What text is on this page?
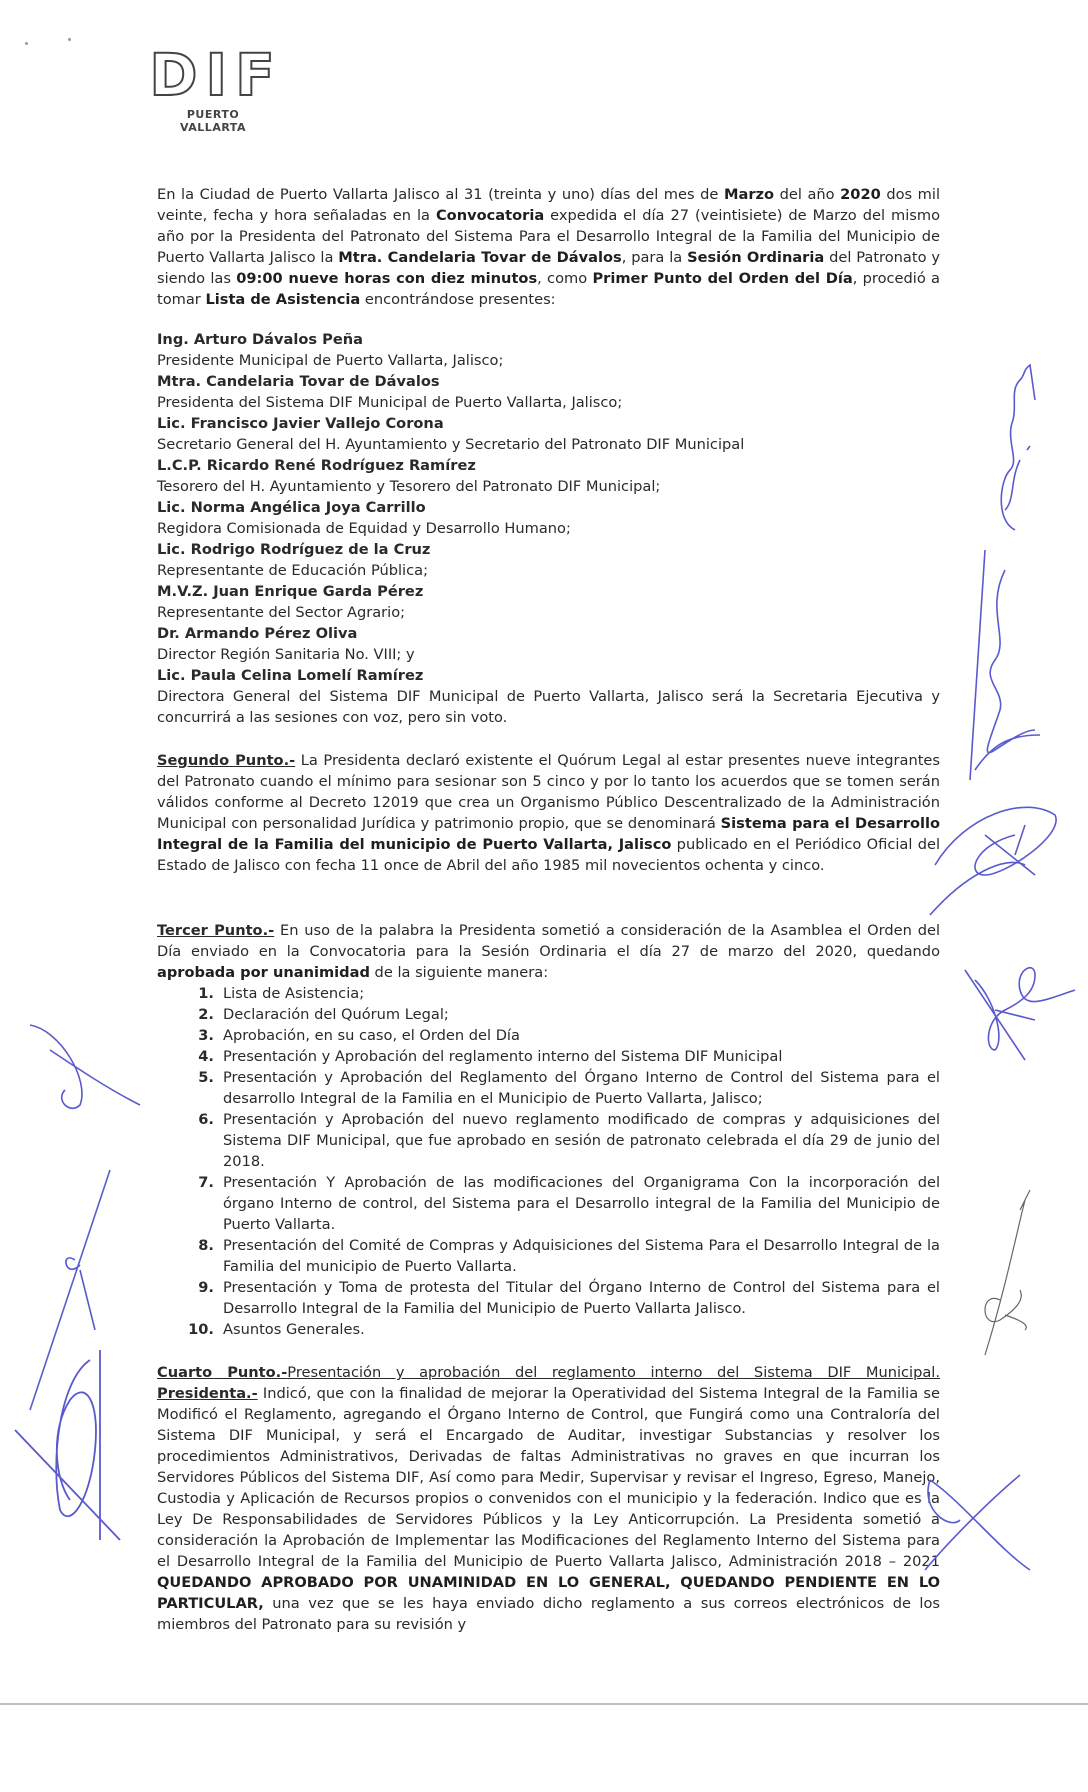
D I F
PUERTO VALLARTA

En la Ciudad de Puerto Vallarta Jalisco al 31 (treinta y uno) días del mes de Marzo del año 2020 dos mil veinte, fecha y hora señaladas en la Convocatoria expedida el día 27 (veintisiete) de Marzo del mismo año por la Presidenta del Patronato del Sistema Para el Desarrollo Integral de la Familia del Municipio de Puerto Vallarta Jalisco la Mtra. Candelaria Tovar de Dávalos, para la Sesión Ordinaria del Patronato y siendo las 09:00 nueve horas con diez minutos, como Primer Punto del Orden del Día, procedió a tomar Lista de Asistencia encontrándose presentes:

Ing. Arturo Dávalos Peña

Presidente Municipal de Puerto Vallarta, Jalisco;

Mtra. Candelaria Tovar de Dávalos

Presidenta del Sistema DIF Municipal de Puerto Vallarta, Jalisco;

Lic. Francisco Javier Vallejo Corona

Secretario General del H. Ayuntamiento y Secretario del Patronato DIF Municipal

L.C.P. Ricardo René Rodríguez Ramírez

Tesorero del H. Ayuntamiento y Tesorero del Patronato DIF Municipal;

Lic. Norma Angélica Joya Carrillo

Regidora Comisionada de Equidad y Desarrollo Humano;

Lic. Rodrigo Rodríguez de la Cruz

Representante de Educación Pública;

M.V.Z. Juan Enrique Garda Pérez

Representante del Sector Agrario;

Dr. Armando Pérez Oliva

Director Región Sanitaria No. VIII; y

Lic. Paula Celina Lomelí Ramírez

Directora General del Sistema DIF Municipal de Puerto Vallarta, Jalisco será la Secretaria Ejecutiva y concurrirá a las sesiones con voz, pero sin voto.

Segundo Punto.- La Presidenta declaró existente el Quórum Legal al estar presentes nueve integrantes del Patronato cuando el mínimo para sesionar son 5 cinco y por lo tanto los acuerdos que se tomen serán válidos conforme al Decreto 12019 que crea un Organismo Público Descentralizado de la Administración Municipal con personalidad Jurídica y patrimonio propio, que se denominará Sistema para el Desarrollo Integral de la Familia del municipio de Puerto Vallarta, Jalisco publicado en el Periódico Oficial del Estado de Jalisco con fecha 11 once de Abril del año 1985 mil novecientos ochenta y cinco.

Tercer Punto.- En uso de la palabra la Presidenta sometió a consideración de la Asamblea el Orden del Día enviado en la Convocatoria para la Sesión Ordinaria el día 27 de marzo del 2020, quedando aprobada por unanimidad de la siguiente manera:

1. Lista de Asistencia;
2. Declaración del Quórum Legal;
3. Aprobación, en su caso, el Orden del Día
4. Presentación y Aprobación del reglamento interno del Sistema DIF Municipal
5. Presentación y Aprobación del Reglamento del Órgano Interno de Control del Sistema para el desarrollo Integral de la Familia en el Municipio de Puerto Vallarta, Jalisco;
6. Presentación y Aprobación del nuevo reglamento modificado de compras y adquisiciones del Sistema DIF Municipal, que fue aprobado en sesión de patronato celebrada el día 29 de junio del 2018.
7. Presentación Y Aprobación de las modificaciones del Organigrama Con la incorporación del órgano Interno de control, del Sistema para el Desarrollo integral de la Familia del Municipio de Puerto Vallarta.
8. Presentación del Comité de Compras y Adquisiciones del Sistema Para el Desarrollo Integral de la Familia del municipio de Puerto Vallarta.
9. Presentación y Toma de protesta del Titular del Órgano Interno de Control del Sistema para el Desarrollo Integral de la Familia del Municipio de Puerto Vallarta Jalisco.
10. Asuntos Generales.

Cuarto Punto.-Presentación y aprobación del reglamento interno del Sistema DIF Municipal. Presidenta.- Indicó, que con la finalidad de mejorar la Operatividad del Sistema Integral de la Familia se Modificó el Reglamento, agregando el Órgano Interno de Control, que Fungirá como una Contraloría del Sistema DIF Municipal, y será el Encargado de Auditar, investigar Substancias y resolver los procedimientos Administrativos, Derivadas de faltas Administrativas no graves en que incurran los Servidores Públicos del Sistema DIF, Así como para Medir, Supervisar y revisar el Ingreso, Egreso, Manejo, Custodia y Aplicación de Recursos propios o convenidos con el municipio y la federación. Indico que es la Ley De Responsabilidades de Servidores Públicos y la Ley Anticorrupción. La Presidenta sometió a consideración la Aprobación de Implementar las Modificaciones del Reglamento Interno del Sistema para el Desarrollo Integral de la Familia del Municipio de Puerto Vallarta Jalisco, Administración 2018 – 2021 QUEDANDO APROBADO POR UNAMINIDAD EN LO GENERAL, QUEDANDO PENDIENTE EN LO PARTICULAR, una vez que se les haya enviado dicho reglamento a sus correos electrónicos de los miembros del Patronato para su revisión y
